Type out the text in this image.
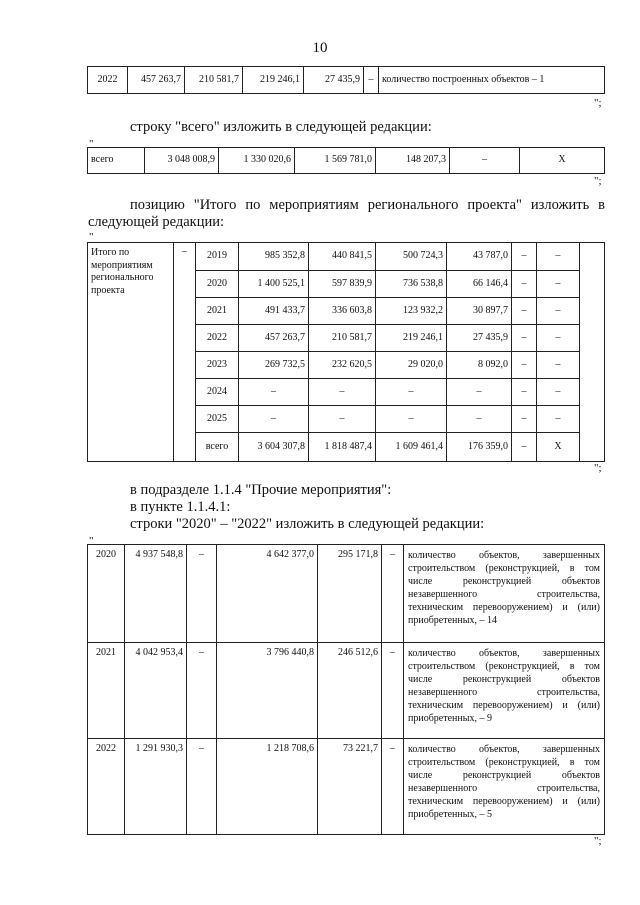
10
2022	457 263,7	210 581,7	219 246,1	27 435,9	–	количество построенных объектов – 1
";
строку "всего" изложить в следующей редакции:
"
всего	3 048 008,9	1 330 020,6	1 569 781,0	148 207,3	–	X
";
позицию "Итого по мероприятиям регионального проекта" изложить в следующей редакции:
"
Итого по мероприятиям регионального проекта	–	2019	985 352,8	440 841,5	500 724,3	43 787,0	–	–	
		2020	1 400 525,1	597 839,9	736 538,8	66 146,4	–	–	
		2021	491 433,7	336 603,8	123 932,2	30 897,7	–	–	
		2022	457 263,7	210 581,7	219 246,1	27 435,9	–	–	
		2023	269 732,5	232 620,5	29 020,0	8 092,0	–	–	
		2024	–	–	–	–	–	–	
		2025	–	–	–	–	–	–	
		всего	3 604 307,8	1 818 487,4	1 609 461,4	176 359,0	–	X	
";
в подразделе 1.1.4 "Прочие мероприятия":
в пункте 1.1.4.1:
строки "2020" – "2022" изложить в следующей редакции:
"
2020	4 937 548,8	–	4 642 377,0	295 171,8	–	количество объектов, завершенных строительством (реконструкцией, в том числе реконструкцией объектов незавершенного строительства, техническим перевооружением) и (или) приобретенных, – 14
2021	4 042 953,4	–	3 796 440,8	246 512,6	–	количество объектов, завершенных строительством (реконструкцией, в том числе реконструкцией объектов незавершенного строительства, техническим перевооружением) и (или) приобретенных, – 9
2022	1 291 930,3	–	1 218 708,6	73 221,7	–	количество объектов, завершенных строительством (реконструкцией, в том числе реконструкцией объектов незавершенного строительства, техническим перевооружением) и (или) приобретенных, – 5
";
